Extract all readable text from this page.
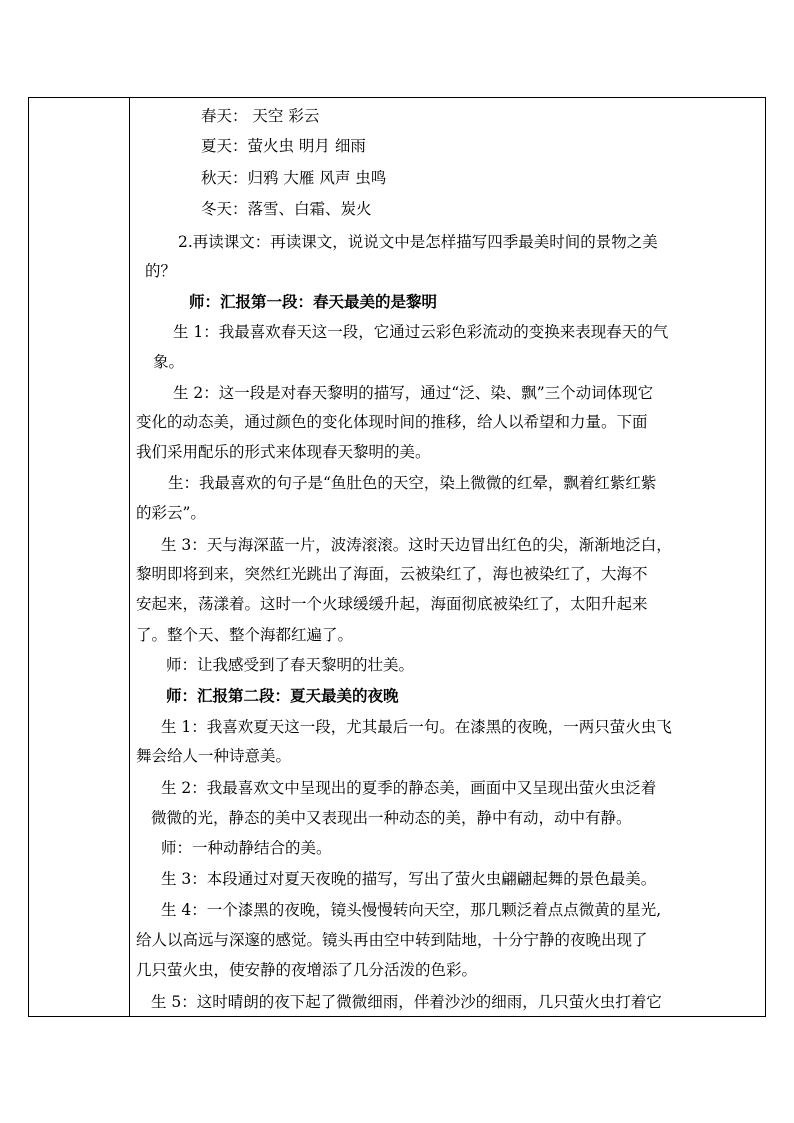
春天： 天空 彩云
夏天：萤火虫 明月 细雨
秋天：归鸦 大雁 风声 虫鸣
冬天：落雪、白霜、炭火
2.再读课文：再读课文，说说文中是怎样描写四季最美时间的景物之美
的？
师：汇报第一段：春天最美的是黎明
生 1：我最喜欢春天这一段，它通过云彩色彩流动的变换来表现春天的气
象。
生 2：这一段是对春天黎明的描写，通过“泛、染、飘”三个动词体现它
变化的动态美，通过颜色的变化体现时间的推移，给人以希望和力量。下面
我们采用配乐的形式来体现春天黎明的美。
生：我最喜欢的句子是“鱼肚色的天空，染上微微的红晕，飘着红紫红紫
的彩云”。
生 3：天与海深蓝一片，波涛滚滚。这时天边冒出红色的尖，渐渐地泛白，
黎明即将到来，突然红光跳出了海面，云被染红了，海也被染红了，大海不
安起来，荡漾着。这时一个火球缓缓升起，海面彻底被染红了，太阳升起来
了。整个天、整个海都红遍了。
师：让我感受到了春天黎明的壮美。
师：汇报第二段：夏天最美的夜晚
生 1：我喜欢夏天这一段，尤其最后一句。在漆黑的夜晚，一两只萤火虫飞
舞会给人一种诗意美。
生 2：我最喜欢文中呈现出的夏季的静态美，画面中又呈现出萤火虫泛着
微微的光，静态的美中又表现出一种动态的美，静中有动，动中有静。
师：一种动静结合的美。
生 3：本段通过对夏天夜晚的描写，写出了萤火虫翩翩起舞的景色最美。
生 4：一个漆黑的夜晚，镜头慢慢转向天空，那几颗泛着点点微黄的星光,
给人以高远与深邃的感觉。镜头再由空中转到陆地，十分宁静的夜晚出现了
几只萤火虫，使安静的夜增添了几分活泼的色彩。
生 5：这时晴朗的夜下起了微微细雨，伴着沙沙的细雨，几只萤火虫打着它
